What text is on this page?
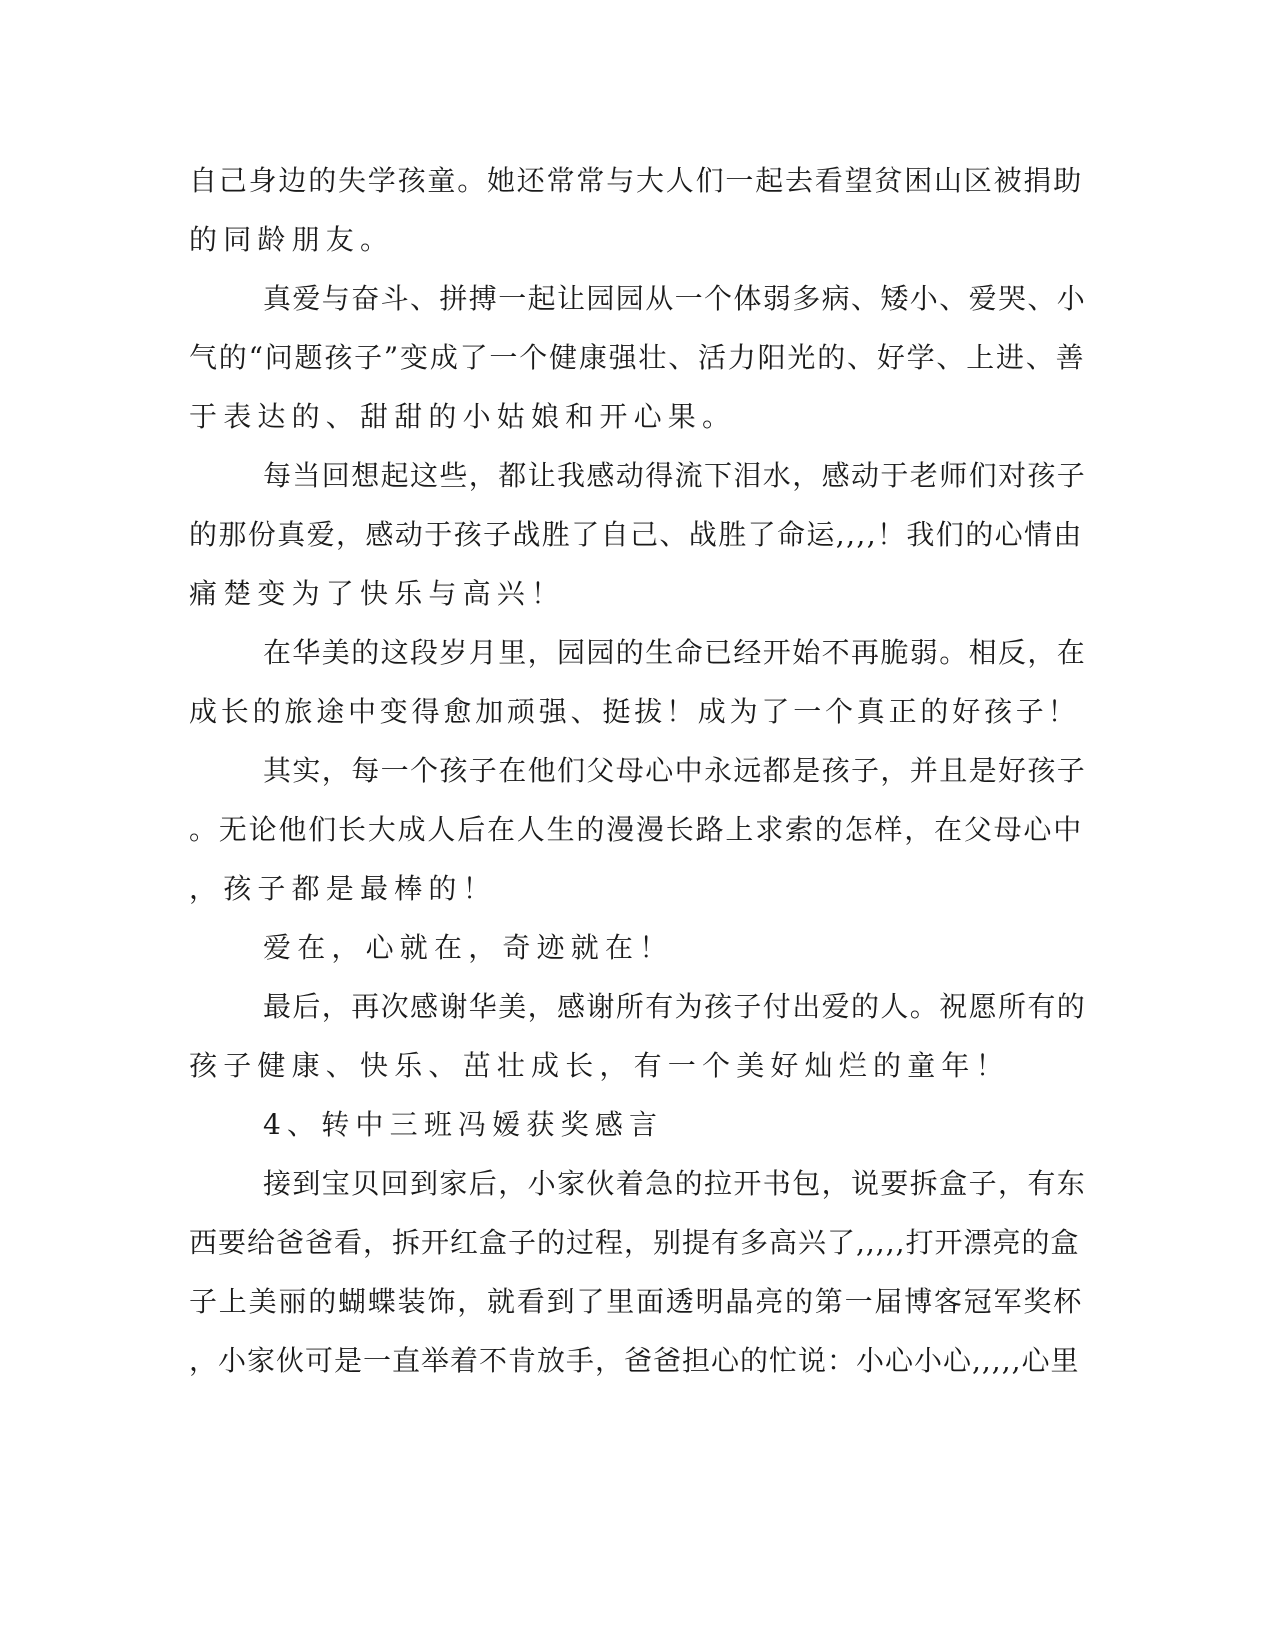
自己身边的失学孩童。她还常常与大人们一起去看望贫困山区被捐助
的同龄朋友。
真爱与奋斗、拼搏一起让园园从一个体弱多病、矮小、爱哭、小
气的“问题孩子”变成了一个健康强壮、活力阳光的、好学、上进、善
于表达的、甜甜的小姑娘和开心果。
每当回想起这些，都让我感动得流下泪水，感动于老师们对孩子
的那份真爱，感动于孩子战胜了自己、战胜了命运,,,,！我们的心情由
痛楚变为了快乐与高兴！
在华美的这段岁月里，园园的生命已经开始不再脆弱。相反，在
成长的旅途中变得愈加顽强、挺拔！成为了一个真正的好孩子！
其实，每一个孩子在他们父母心中永远都是孩子，并且是好孩子
。无论他们长大成人后在人生的漫漫长路上求索的怎样，在父母心中
，孩子都是最棒的！
爱在，心就在，奇迹就在！
最后，再次感谢华美，感谢所有为孩子付出爱的人。祝愿所有的
孩子健康、快乐、茁壮成长，有一个美好灿烂的童年！
4、转中三班冯嫒获奖感言
接到宝贝回到家后，小家伙着急的拉开书包，说要拆盒子，有东
西要给爸爸看，拆开红盒子的过程，别提有多高兴了,,,,,打开漂亮的盒
子上美丽的蝴蝶装饰，就看到了里面透明晶亮的第一届博客冠军奖杯
，小家伙可是一直举着不肯放手，爸爸担心的忙说：小心小心,,,,,心里
